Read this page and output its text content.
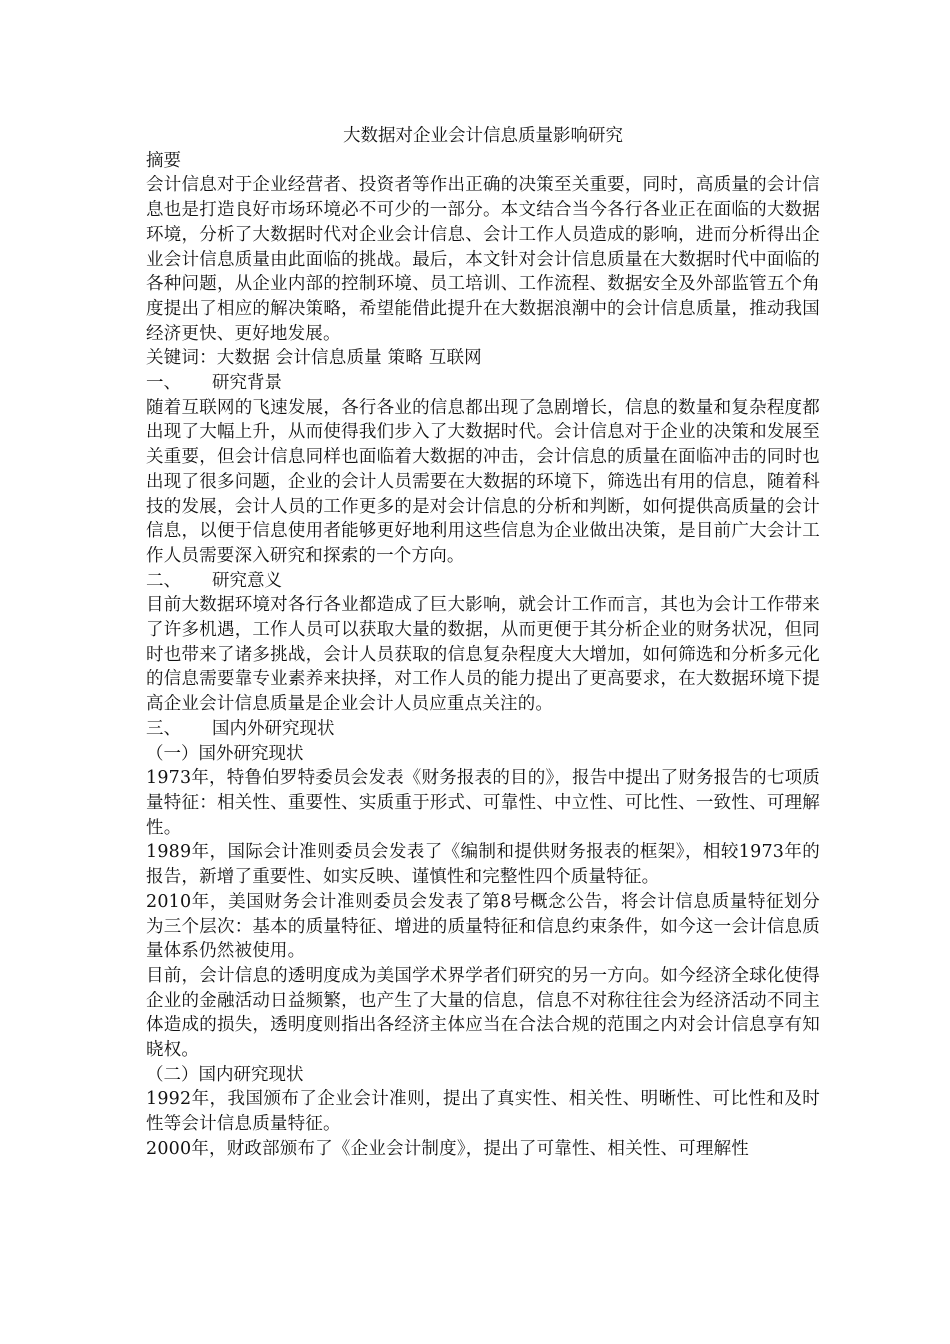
大数据对企业会计信息质量影响研究
摘要

会计信息对于企业经营者、投资者等作出正确的决策至关重要，同时，高质量的会计信息也是打造良好市场环境必不可少的一部分。本文结合当今各行各业正在面临的大数据环境，分析了大数据时代对企业会计信息、会计工作人员造成的影响，进而分析得出企业会计信息质量由此面临的挑战。最后，本文针对会计信息质量在大数据时代中面临的各种问题，从企业内部的控制环境、员工培训、工作流程、数据安全及外部监管五个角度提出了相应的解决策略，希望能借此提升在大数据浪潮中的会计信息质量，推动我国经济更快、更好地发展。

关键词：大数据 会计信息质量 策略 互联网

一、 研究背景

随着互联网的飞速发展，各行各业的信息都出现了急剧增长，信息的数量和复杂程度都出现了大幅上升，从而使得我们步入了大数据时代。会计信息对于企业的决策和发展至关重要，但会计信息同样也面临着大数据的冲击，会计信息的质量在面临冲击的同时也出现了很多问题，企业的会计人员需要在大数据的环境下，筛选出有用的信息，随着科技的发展，会计人员的工作更多的是对会计信息的分析和判断，如何提供高质量的会计信息，以便于信息使用者能够更好地利用这些信息为企业做出决策，是目前广大会计工作人员需要深入研究和探索的一个方向。

二、 研究意义

目前大数据环境对各行各业都造成了巨大影响，就会计工作而言，其也为会计工作带来了许多机遇，工作人员可以获取大量的数据，从而更便于其分析企业的财务状况，但同时也带来了诸多挑战，会计人员获取的信息复杂程度大大增加，如何筛选和分析多元化的信息需要靠专业素养来抉择，对工作人员的能力提出了更高要求，在大数据环境下提高企业会计信息质量是企业会计人员应重点关注的。

三、 国内外研究现状
（一）国外研究现状

1973年，特鲁伯罗特委员会发表《财务报表的目的》，报告中提出了财务报告的七项质量特征：相关性、重要性、实质重于形式、可靠性、中立性、可比性、一致性、可理解性。

1989年，国际会计准则委员会发表了《编制和提供财务报表的框架》，相较1973年的报告，新增了重要性、如实反映、谨慎性和完整性四个质量特征。

2010年，美国财务会计准则委员会发表了第8号概念公告，将会计信息质量特征划分为三个层次：基本的质量特征、增进的质量特征和信息约束条件，如今这一会计信息质量体系仍然被使用。

目前，会计信息的透明度成为美国学术界学者们研究的另一方向。如今经济全球化使得企业的金融活动日益频繁，也产生了大量的信息，信息不对称往往会为经济活动不同主体造成的损失，透明度则指出各经济主体应当在合法合规的范围之内对会计信息享有知晓权。

（二）国内研究现状

1992年，我国颁布了企业会计准则，提出了真实性、相关性、明晰性、可比性和及时性等会计信息质量特征。

2000年，财政部颁布了《企业会计制度》，提出了可靠性、相关性、可理解性
